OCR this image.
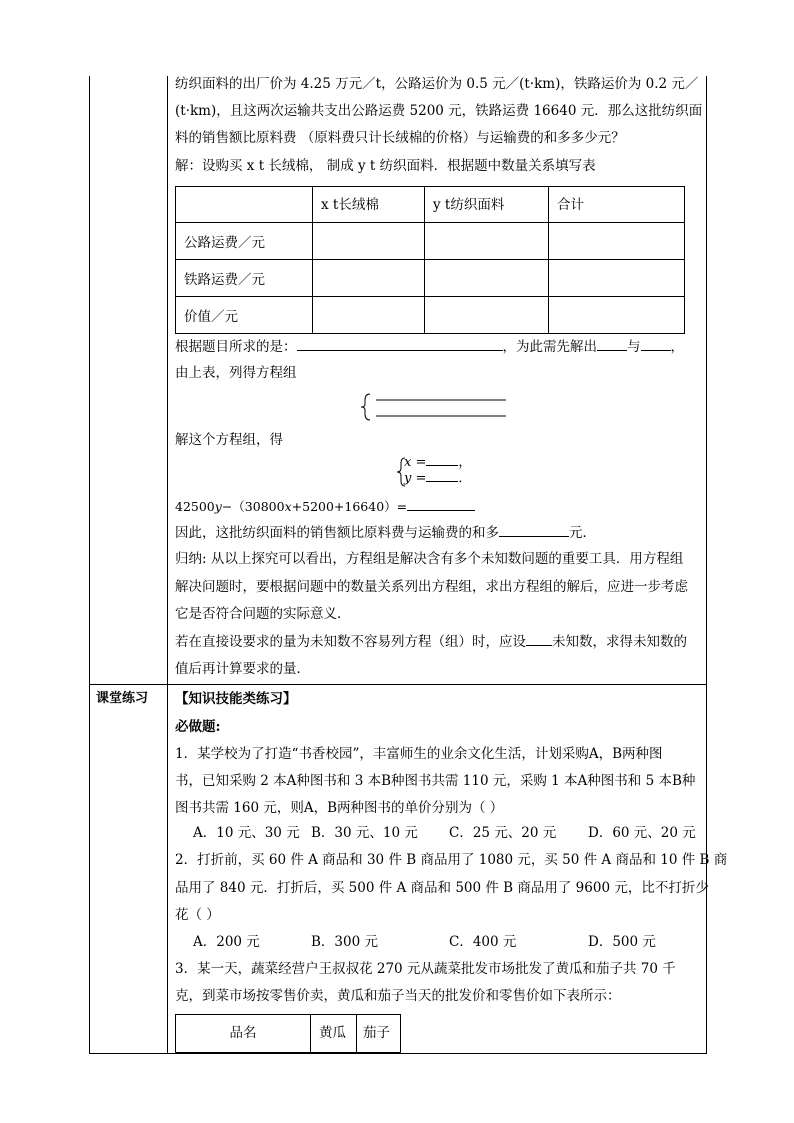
纺织面料的出厂价为 4.25 万元／t，公路运价为 0.5 元／(t·km)，铁路运价为 0.2 元／
(t·km)，且这两次运输共支出公路运费 5200 元，铁路运费 16640 元．那么这批纺织面
料的销售额比原料费 （原料费只计长绒棉的价格）与运输费的和多多少元？
解：设购买 x t 长绒棉， 制成 y t 纺织面料．根据题中数量关系填写表
	x t长绒棉	y t纺织面料	合计
公路运费／元			
铁路运费／元			
价值／元			
根据题目所求的是：	，为此需先解出 与 ，
由上表，列得方程组
解这个方程组，得
x = ，
y = ．
42500y−（30800x+5200+16640）=
因此，这批纺织面料的销售额比原料费与运输费的和多	元．
归纳: 从以上探究可以看出，方程组是解决含有多个未知数问题的重要工具．用方程组
解决问题时，要根据问题中的数量关系列出方程组，求出方程组的解后，应进一步考虑
它是否符合问题的实际意义．
若在直接设要求的量为未知数不容易列方程（组）时，应设 未知数，求得未知数的
值后再计算要求的量．
课堂练习 【知识技能类练习】
必做题:
1．某学校为了打造“书香校园”，丰富师生的业余文化生活，计划采购A，B两种图
书，已知采购 2 本A种图书和 3 本B种图书共需 110 元，采购 1 本A种图书和 5 本B种
图书共需 160 元，则A，B两种图书的单价分别为（ ）
A．10 元、30 元 B．30 元、10 元 C．25 元、20 元 D．60 元、20 元
2．打折前，买 60 件 A 商品和 30 件 B 商品用了 1080 元，买 50 件 A 商品和 10 件 B 商
品用了 840 元．打折后，买 500 件 A 商品和 500 件 B 商品用了 9600 元，比不打折少
花（ ）
A．200 元	B．300 元	C．400 元	D．500 元
3．某一天，蔬菜经营户王叔叔花 270 元从蔬菜批发市场批发了黄瓜和茄子共 70 千
克，到菜市场按零售价卖，黄瓜和茄子当天的批发价和零售价如下表所示：
品名	黄瓜	茄子
